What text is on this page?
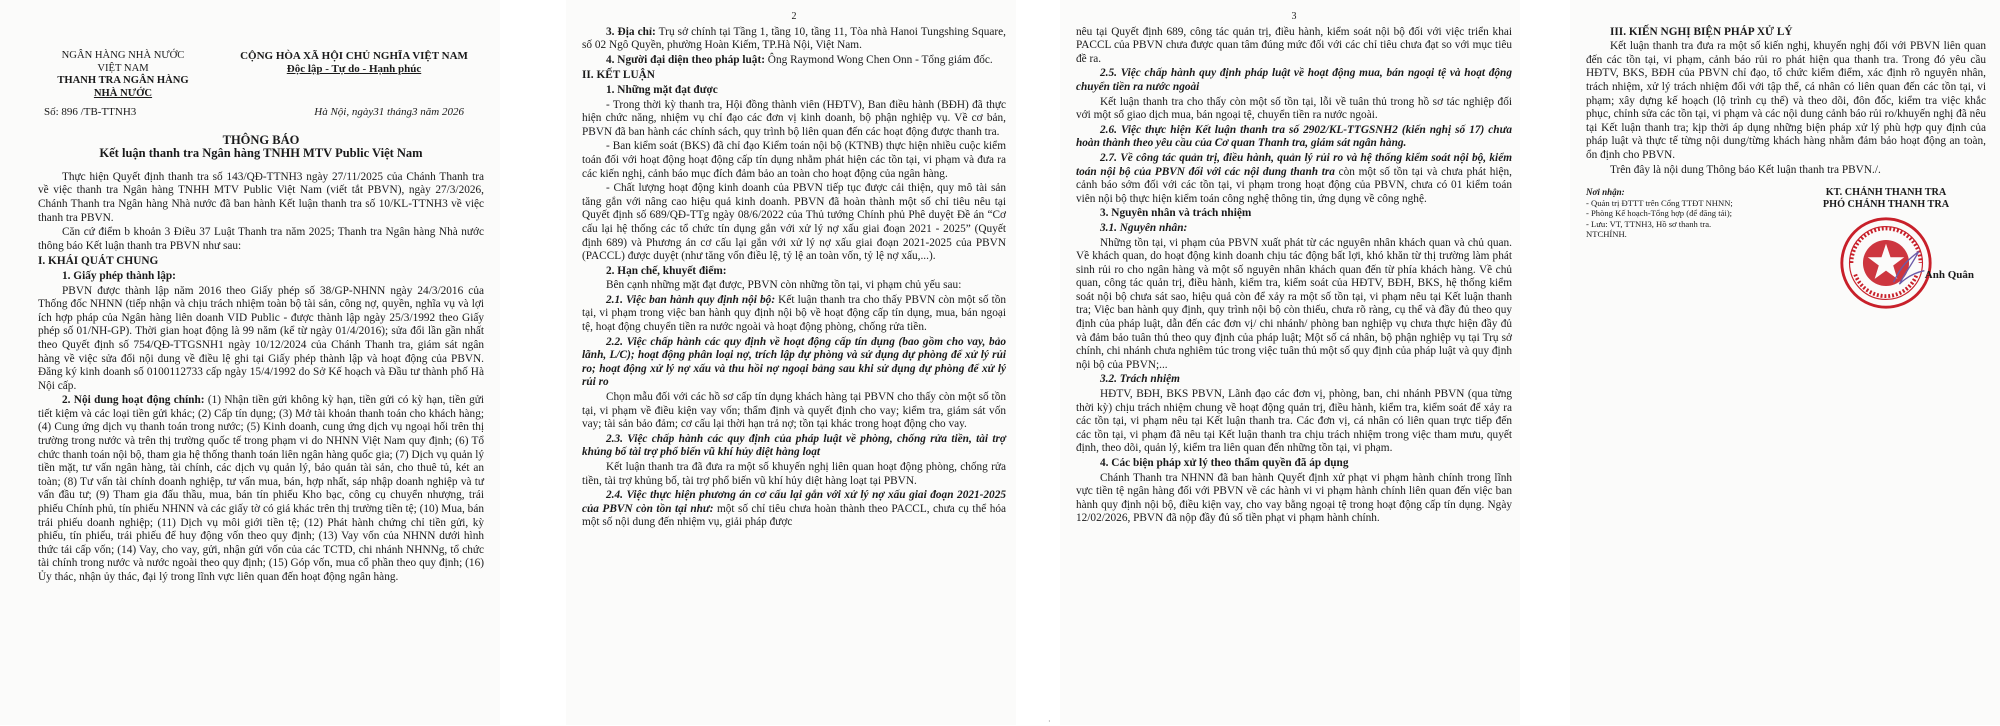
NGÂN HÀNG NHÀ NƯỚC
VIỆT NAM
THANH TRA NGÂN HÀNG
NHÀ NƯỚC
CỘNG HÒA XÃ HỘI CHỦ NGHĨA VIỆT NAM
Độc lập - Tự do - Hạnh phúc
Số: 896 /TB-TTNH3	Hà Nội, ngày31 tháng3 năm 2026
THÔNG BÁO
Kết luận thanh tra Ngân hàng TNHH MTV Public Việt Nam

Thực hiện Quyết định thanh tra số 143/QĐ-TTNH3 ngày 27/11/2025 của Chánh Thanh tra về việc thanh tra Ngân hàng TNHH MTV Public Việt Nam (viết tắt PBVN), ngày 27/3/2026, Chánh Thanh tra Ngân hàng Nhà nước đã ban hành Kết luận thanh tra số 10/KL-TTNH3 về việc thanh tra PBVN.

Căn cứ điểm b khoản 3 Điều 37 Luật Thanh tra năm 2025; Thanh tra Ngân hàng Nhà nước thông báo Kết luận thanh tra PBVN như sau:

I. KHÁI QUÁT CHUNG

1. Giấy phép thành lập:

PBVN được thành lập năm 2016 theo Giấy phép số 38/GP-NHNN ngày 24/3/2016 của Thống đốc NHNN (tiếp nhận và chịu trách nhiệm toàn bộ tài sản, công nợ, quyền, nghĩa vụ và lợi ích hợp pháp của Ngân hàng liên doanh VID Public - được thành lập ngày 25/3/1992 theo Giấy phép số 01/NH-GP). Thời gian hoạt động là 99 năm (kể từ ngày 01/4/2016); sửa đổi lần gần nhất theo Quyết định số 754/QĐ-TTGSNH1 ngày 10/12/2024 của Chánh Thanh tra, giám sát ngân hàng về việc sửa đổi nội dung về điều lệ ghi tại Giấy phép thành lập và hoạt động của PBVN. Đăng ký kinh doanh số 0100112733 cấp ngày 15/4/1992 do Sở Kế hoạch và Đầu tư thành phố Hà Nội cấp.

2. Nội dung hoạt động chính: (1) Nhận tiền gửi không kỳ hạn, tiền gửi có kỳ hạn, tiền gửi tiết kiệm và các loại tiền gửi khác; (2) Cấp tín dụng; (3) Mở tài khoản thanh toán cho khách hàng; (4) Cung ứng dịch vụ thanh toán trong nước; (5) Kinh doanh, cung ứng dịch vụ ngoại hối trên thị trường trong nước và trên thị trường quốc tế trong phạm vi do NHNN Việt Nam quy định; (6) Tổ chức thanh toán nội bộ, tham gia hệ thống thanh toán liên ngân hàng quốc gia; (7) Dịch vụ quản lý tiền mặt, tư vấn ngân hàng, tài chính, các dịch vụ quản lý, bảo quản tài sản, cho thuê tủ, két an toàn; (8) Tư vấn tài chính doanh nghiệp, tư vấn mua, bán, hợp nhất, sáp nhập doanh nghiệp và tư vấn đầu tư; (9) Tham gia đấu thầu, mua, bán tín phiếu Kho bạc, công cụ chuyển nhượng, trái phiếu Chính phủ, tín phiếu NHNN và các giấy tờ có giá khác trên thị trường tiền tệ; (10) Mua, bán trái phiếu doanh nghiệp; (11) Dịch vụ môi giới tiền tệ; (12) Phát hành chứng chỉ tiền gửi, kỳ phiếu, tín phiếu, trái phiếu để huy động vốn theo quy định; (13) Vay vốn của NHNN dưới hình thức tái cấp vốn; (14) Vay, cho vay, gửi, nhận gửi vốn của các TCTD, chi nhánh NHNNg, tổ chức tài chính trong nước và nước ngoài theo quy định; (15) Góp vốn, mua cổ phần theo quy định; (16) Ủy thác, nhận ủy thác, đại lý trong lĩnh vực liên quan đến hoạt động ngân hàng.

2

3. Địa chỉ: Trụ sở chính tại Tầng 1, tầng 10, tầng 11, Tòa nhà Hanoi Tungshing Square, số 02 Ngô Quyền, phường Hoàn Kiếm, TP.Hà Nội, Việt Nam.

4. Người đại diện theo pháp luật: Ông Raymond Wong Chen Onn - Tổng giám đốc.

II. KẾT LUẬN

1. Những mặt đạt được

- Trong thời kỳ thanh tra, Hội đồng thành viên (HĐTV), Ban điều hành (BĐH) đã thực hiện chức năng, nhiệm vụ chỉ đạo các đơn vị kinh doanh, bộ phận nghiệp vụ. Về cơ bản, PBVN đã ban hành các chính sách, quy trình bộ liên quan đến các hoạt động được thanh tra.

- Ban kiểm soát (BKS) đã chỉ đạo Kiểm toán nội bộ (KTNB) thực hiện nhiều cuộc kiểm toán đối với hoạt động hoạt động cấp tín dụng nhằm phát hiện các tồn tại, vi phạm và đưa ra các kiến nghị, cảnh báo mục đích đảm bảo an toàn cho hoạt động của ngân hàng.

- Chất lượng hoạt động kinh doanh của PBVN tiếp tục được cải thiện, quy mô tài sản tăng gắn với nâng cao hiệu quả kinh doanh. PBVN đã hoàn thành một số chỉ tiêu nêu tại Quyết định số 689/QĐ-TTg ngày 08/6/2022 của Thủ tướng Chính phủ Phê duyệt Đề án “Cơ cấu lại hệ thống các tổ chức tín dụng gắn với xử lý nợ xấu giai đoạn 2021 - 2025” (Quyết định 689) và Phương án cơ cấu lại gắn với xử lý nợ xấu giai đoạn 2021-2025 của PBVN (PACCL) được duyệt (như tăng vốn điều lệ, tỷ lệ an toàn vốn, tỷ lệ nợ xấu,...).

2. Hạn chế, khuyết điểm:

Bên cạnh những mặt đạt được, PBVN còn những tồn tại, vi phạm chủ yếu sau:

2.1. Việc ban hành quy định nội bộ: Kết luận thanh tra cho thấy PBVN còn một số tồn tại, vi phạm trong việc ban hành quy định nội bộ về hoạt động cấp tín dụng, mua, bán ngoại tệ, hoạt động chuyển tiền ra nước ngoài và hoạt động phòng, chống rửa tiền.

2.2. Việc chấp hành các quy định về hoạt động cấp tín dụng (bao gồm cho vay, bảo lãnh, L/C); hoạt động phân loại nợ, trích lập dự phòng và sử dụng dự phòng để xử lý rủi ro; hoạt động xử lý nợ xấu và thu hồi nợ ngoại bảng sau khi sử dụng dự phòng để xử lý rủi ro

Chọn mẫu đối với các hồ sơ cấp tín dụng khách hàng tại PBVN cho thấy còn một số tồn tại, vi phạm về điều kiện vay vốn; thẩm định và quyết định cho vay; kiểm tra, giám sát vốn vay; tài sản bảo đảm; cơ cấu lại thời hạn trả nợ; tồn tại khác trong hoạt động cho vay.

2.3. Việc chấp hành các quy định của pháp luật về phòng, chống rửa tiền, tài trợ khủng bố tài trợ phổ biến vũ khí hủy diệt hàng loạt

Kết luận thanh tra đã đưa ra một số khuyến nghị liên quan hoạt động phòng, chống rửa tiền, tài trợ khủng bố, tài trợ phổ biến vũ khí hủy diệt hàng loạt tại PBVN.

2.4. Việc thực hiện phương án cơ cấu lại gắn với xử lý nợ xấu giai đoạn 2021-2025 của PBVN còn tồn tại như: một số chỉ tiêu chưa hoàn thành theo PACCL, chưa cụ thể hóa một số nội dung đến nhiệm vụ, giải pháp được

3

nêu tại Quyết định 689, công tác quản trị, điều hành, kiểm soát nội bộ đối với việc triển khai PACCL của PBVN chưa được quan tâm đúng mức đối với các chỉ tiêu chưa đạt so với mục tiêu đề ra.

2.5. Việc chấp hành quy định pháp luật về hoạt động mua, bán ngoại tệ và hoạt động chuyển tiền ra nước ngoài

Kết luận thanh tra cho thấy còn một số tồn tại, lỗi về tuân thủ trong hồ sơ tác nghiệp đối với một số giao dịch mua, bán ngoại tệ, chuyển tiền ra nước ngoài.

2.6. Việc thực hiện Kết luận thanh tra số 2902/KL-TTGSNH2 (kiến nghị số 17) chưa hoàn thành theo yêu cầu của Cơ quan Thanh tra, giám sát ngân hàng.

2.7. Về công tác quản trị, điều hành, quản lý rủi ro và hệ thống kiểm soát nội bộ, kiểm toán nội bộ của PBVN đối với các nội dung thanh tra còn một số tồn tại và chưa phát hiện, cảnh báo sớm đối với các tồn tại, vi phạm trong hoạt động của PBVN, chưa có 01 kiểm toán viên nội bộ thực hiện kiểm toán công nghệ thông tin, ứng dụng về công nghệ.

3. Nguyên nhân và trách nhiệm

3.1. Nguyên nhân:

Những tồn tại, vi phạm của PBVN xuất phát từ các nguyên nhân khách quan và chủ quan. Về khách quan, do hoạt động kinh doanh chịu tác động bất lợi, khó khăn từ thị trường làm phát sinh rủi ro cho ngân hàng và một số nguyên nhân khách quan đến từ phía khách hàng. Về chủ quan, công tác quản trị, điều hành, kiểm tra, kiểm soát của HĐTV, BĐH, BKS, hệ thống kiểm soát nội bộ chưa sát sao, hiệu quả còn để xảy ra một số tồn tại, vi phạm nêu tại Kết luận thanh tra; Việc ban hành quy định, quy trình nội bộ còn thiếu, chưa rõ ràng, cụ thể và đầy đủ theo quy định của pháp luật, dẫn đến các đơn vị/ chi nhánh/ phòng ban nghiệp vụ chưa thực hiện đầy đủ và đảm bảo tuân thủ theo quy định của pháp luật; Một số cá nhân, bộ phận nghiệp vụ tại Trụ sở chính, chi nhánh chưa nghiêm túc trong việc tuân thủ một số quy định của pháp luật và quy định nội bộ của PBVN;...

3.2. Trách nhiệm

HĐTV, BĐH, BKS PBVN, Lãnh đạo các đơn vị, phòng, ban, chi nhánh PBVN (qua từng thời kỳ) chịu trách nhiệm chung về hoạt động quản trị, điều hành, kiểm tra, kiểm soát để xảy ra các tồn tại, vi phạm nêu tại Kết luận thanh tra. Các đơn vị, cá nhân có liên quan trực tiếp đến các tồn tại, vi phạm đã nêu tại Kết luận thanh tra chịu trách nhiệm trong việc tham mưu, quyết định, theo dõi, quản lý, kiểm tra liên quan đến những tồn tại, vi phạm.

4. Các biện pháp xử lý theo thẩm quyền đã áp dụng

Chánh Thanh tra NHNN đã ban hành Quyết định xử phạt vi phạm hành chính trong lĩnh vực tiền tệ ngân hàng đối với PBVN về các hành vi vi phạm hành chính liên quan đến việc ban hành quy định nội bộ, điều kiện vay, cho vay bằng ngoại tệ trong hoạt động cấp tín dụng. Ngày 12/02/2026, PBVN đã nộp đầy đủ số tiền phạt vi phạm hành chính.

III. KIẾN NGHỊ BIỆN PHÁP XỬ LÝ

Kết luận thanh tra đưa ra một số kiến nghị, khuyến nghị đối với PBVN liên quan đến các tồn tại, vi phạm, cảnh báo rủi ro phát hiện qua thanh tra. Trong đó yêu cầu HĐTV, BKS, BĐH của PBVN chỉ đạo, tổ chức kiểm điểm, xác định rõ nguyên nhân, trách nhiệm, xử lý trách nhiệm đối với tập thể, cá nhân có liên quan đến các tồn tại, vi phạm; xây dựng kế hoạch (lộ trình cụ thể) và theo dõi, đôn đốc, kiểm tra việc khắc phục, chỉnh sửa các tồn tại, vi phạm và các nội dung cảnh báo rủi ro/khuyến nghị đã nêu tại Kết luận thanh tra; kịp thời áp dụng những biện pháp xử lý phù hợp quy định của pháp luật và thực tế từng nội dung/từng khách hàng nhằm đảm bảo hoạt động an toàn, ổn định cho PBVN.

Trên đây là nội dung Thông báo Kết luận thanh tra PBVN./.

Nơi nhận:
- Quản trị ĐTTT trên Cổng TTĐT NHNN;
- Phòng Kế hoạch-Tổng hợp (để đăng tải);
- Lưu: VT, TTNH3, Hồ sơ thanh tra.
NTCHÍNH.
KT. CHÁNH THANH TRA
PHÓ CHÁNH THANH TRA
Anh Quân
·
